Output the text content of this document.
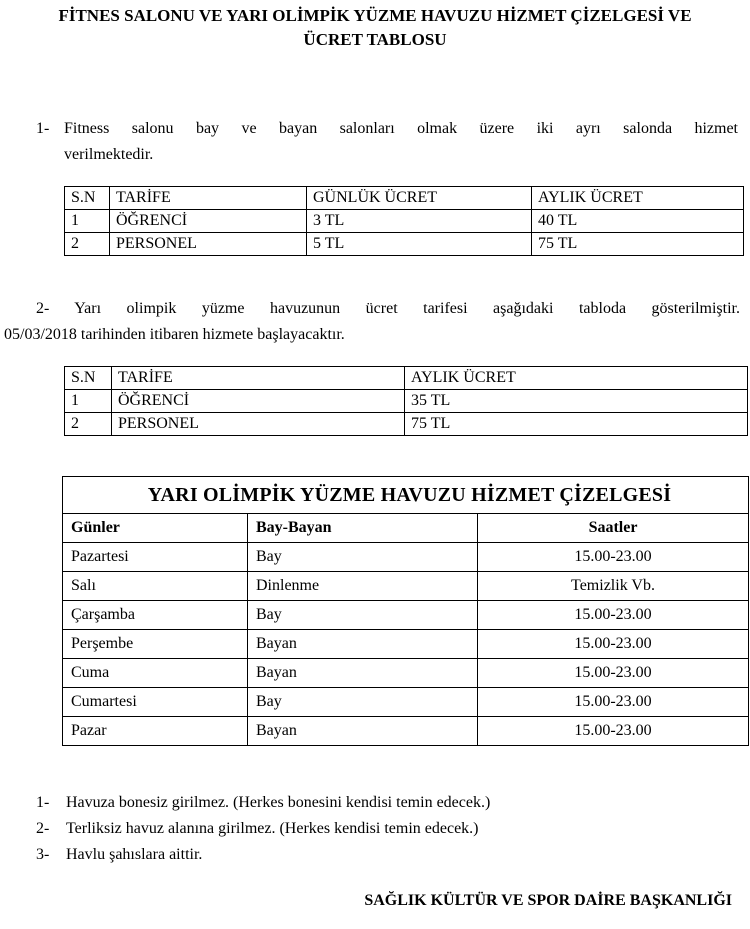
FİTNES SALONU VE YARI OLİMPİK YÜZME HAVUZU HİZMET ÇİZELGESİ VE
ÜCRET TABLOSU
1- Fitness salonu bay ve bayan salonları olmak üzere iki ayrı salonda hizmet
verilmektedir.
S.N	TARİFE	GÜNLÜK ÜCRET	AYLIK ÜCRET
1	ÖĞRENCİ	3 TL	40 TL
2	PERSONEL	5 TL	75 TL
2- Yarı olimpik yüzme havuzunun ücret tarifesi aşağıdaki tabloda gösterilmiştir.
05/03/2018 tarihinden itibaren hizmete başlayacaktır.
S.N	TARİFE	AYLIK ÜCRET
1	ÖĞRENCİ	35 TL
2	PERSONEL	75 TL
YARI OLİMPİK YÜZME HAVUZU HİZMET ÇİZELGESİ		
Günler	Bay-Bayan	Saatler
Pazartesi	Bay	15.00-23.00
Salı	Dinlenme	Temizlik Vb.
Çarşamba	Bay	15.00-23.00
Perşembe	Bayan	15.00-23.00
Cuma	Bayan	15.00-23.00
Cumartesi	Bay	15.00-23.00
Pazar	Bayan	15.00-23.00
1- Havuza bonesiz girilmez. (Herkes bonesini kendisi temin edecek.)
2- Terliksiz havuz alanına girilmez. (Herkes kendisi temin edecek.)
3- Havlu şahıslara aittir.
SAĞLIK KÜLTÜR VE SPOR DAİRE BAŞKANLIĞI
